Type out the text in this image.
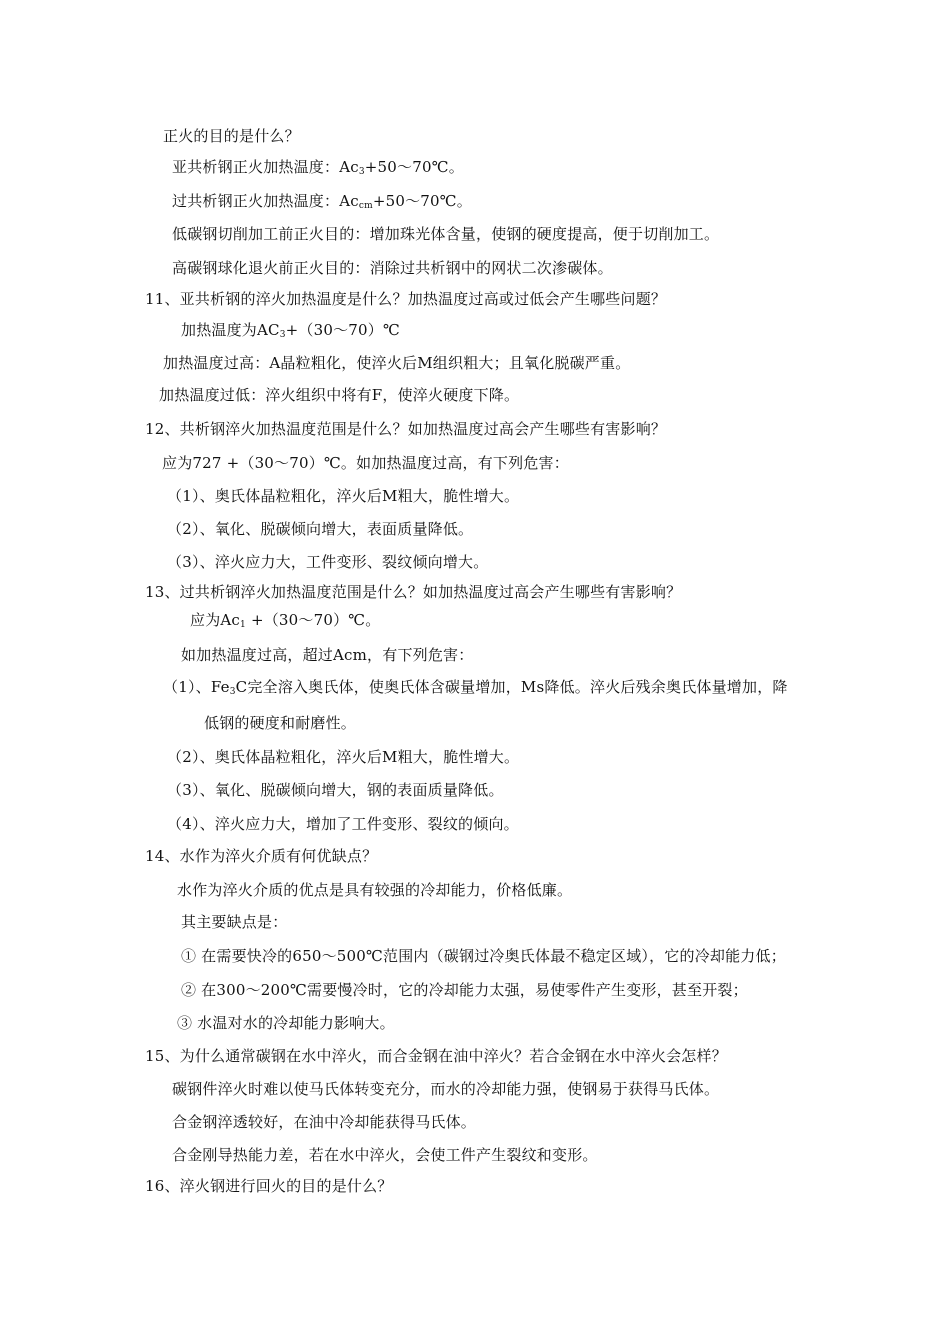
正火的目的是什么？
亚共析钢正火加热温度：$Ac_3+50\sim 70℃$。
过共析钢正火加热温度：$Ac_{cm}+50\sim 70℃$。
低碳钢切削加工前正火目的：增加珠光体含量，使钢的硬度提高，便于切削加工。
高碳钢球化退火前正火目的：消除过共析钢中的网状二次渗碳体。
11、亚共析钢的淬火加热温度是什么？加热温度过高或过低会产生哪些问题？
加热温度为$AC_3+(30\sim 70)℃$
加热温度过高：A晶粒粗化，使淬火后M组织粗大；且氧化脱碳严重。
加热温度过低：淬火组织中将有F，使淬火硬度下降。
12、共析钢淬火加热温度范围是什么？如加热温度过高会产生哪些有害影响？
应为727 +（30～70）℃。如加热温度过高，有下列危害：
（1）、奥氏体晶粒粗化，淬火后M粗大，脆性增大。
（2）、氧化、脱碳倾向增大，表面质量降低。
（3）、淬火应力大，工件变形、裂纹倾向增大。
13、过共析钢淬火加热温度范围是什么？如加热温度过高会产生哪些有害影响？
应为$Ac_1$ +（30～70）℃。
如加热温度过高，超过Acm，有下列危害：
（1）、$Fe_3C$完全溶入奥氏体，使奥氏体含碳量增加，Ms降低。淬火后残余奥氏体量增加，降
低钢的硬度和耐磨性。
（2）、奥氏体晶粒粗化，淬火后M粗大，脆性增大。
（3）、氧化、脱碳倾向增大，钢的表面质量降低。
（4）、淬火应力大，增加了工件变形、裂纹的倾向。
14、水作为淬火介质有何优缺点？
水作为淬火介质的优点是具有较强的冷却能力，价格低廉。
其主要缺点是：
① 在需要快冷的650～500℃范围内（碳钢过冷奥氏体最不稳定区域），它的冷却能力低；
② 在300～200℃需要慢冷时，它的冷却能力太强，易使零件产生变形，甚至开裂；
③ 水温对水的冷却能力影响大。
15、为什么通常碳钢在水中淬火，而合金钢在油中淬火？若合金钢在水中淬火会怎样？
碳钢件淬火时难以使马氏体转变充分，而水的冷却能力强，使钢易于获得马氏体。
合金钢淬透较好，在油中冷却能获得马氏体。
合金刚导热能力差，若在水中淬火，会使工件产生裂纹和变形。
16、淬火钢进行回火的目的是什么？
